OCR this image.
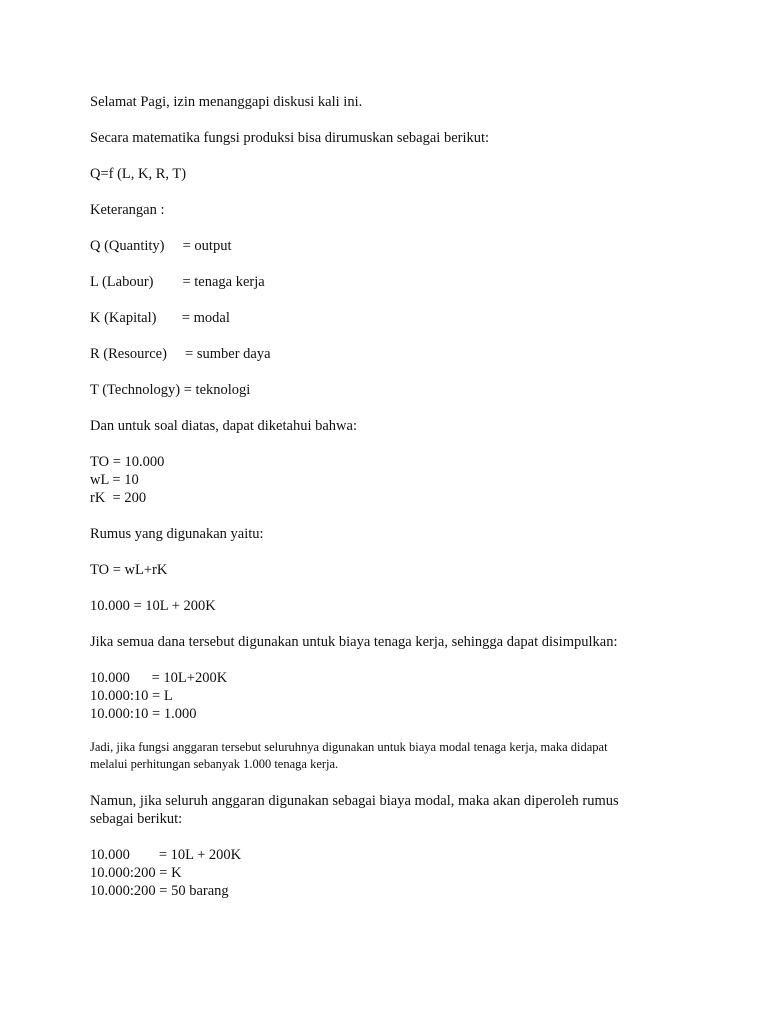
Selamat Pagi, izin menanggapi diskusi kali ini.

Secara matematika fungsi produksi bisa dirumuskan sebagai berikut:

Q=f (L, K, R, T)

Keterangan :

Q (Quantity)     = output

L (Labour)        = tenaga kerja

K (Kapital)       = modal

R (Resource)     = sumber daya

T (Technology) = teknologi

Dan untuk soal diatas, dapat diketahui bahwa:

TO = 10.000

wL = 10

rK  = 200

Rumus yang digunakan yaitu:

TO = wL+rK

10.000 = 10L + 200K

Jika semua dana tersebut digunakan untuk biaya tenaga kerja, sehingga dapat disimpulkan:

10.000      = 10L+200K

10.000:10 = L

10.000:10 = 1.000

Jadi, jika fungsi anggaran tersebut seluruhnya digunakan untuk biaya modal tenaga kerja, maka didapat

melalui perhitungan sebanyak 1.000 tenaga kerja.

Namun, jika seluruh anggaran digunakan sebagai biaya modal, maka akan diperoleh rumus

sebagai berikut:

10.000        = 10L + 200K

10.000:200 = K

10.000:200 = 50 barang
